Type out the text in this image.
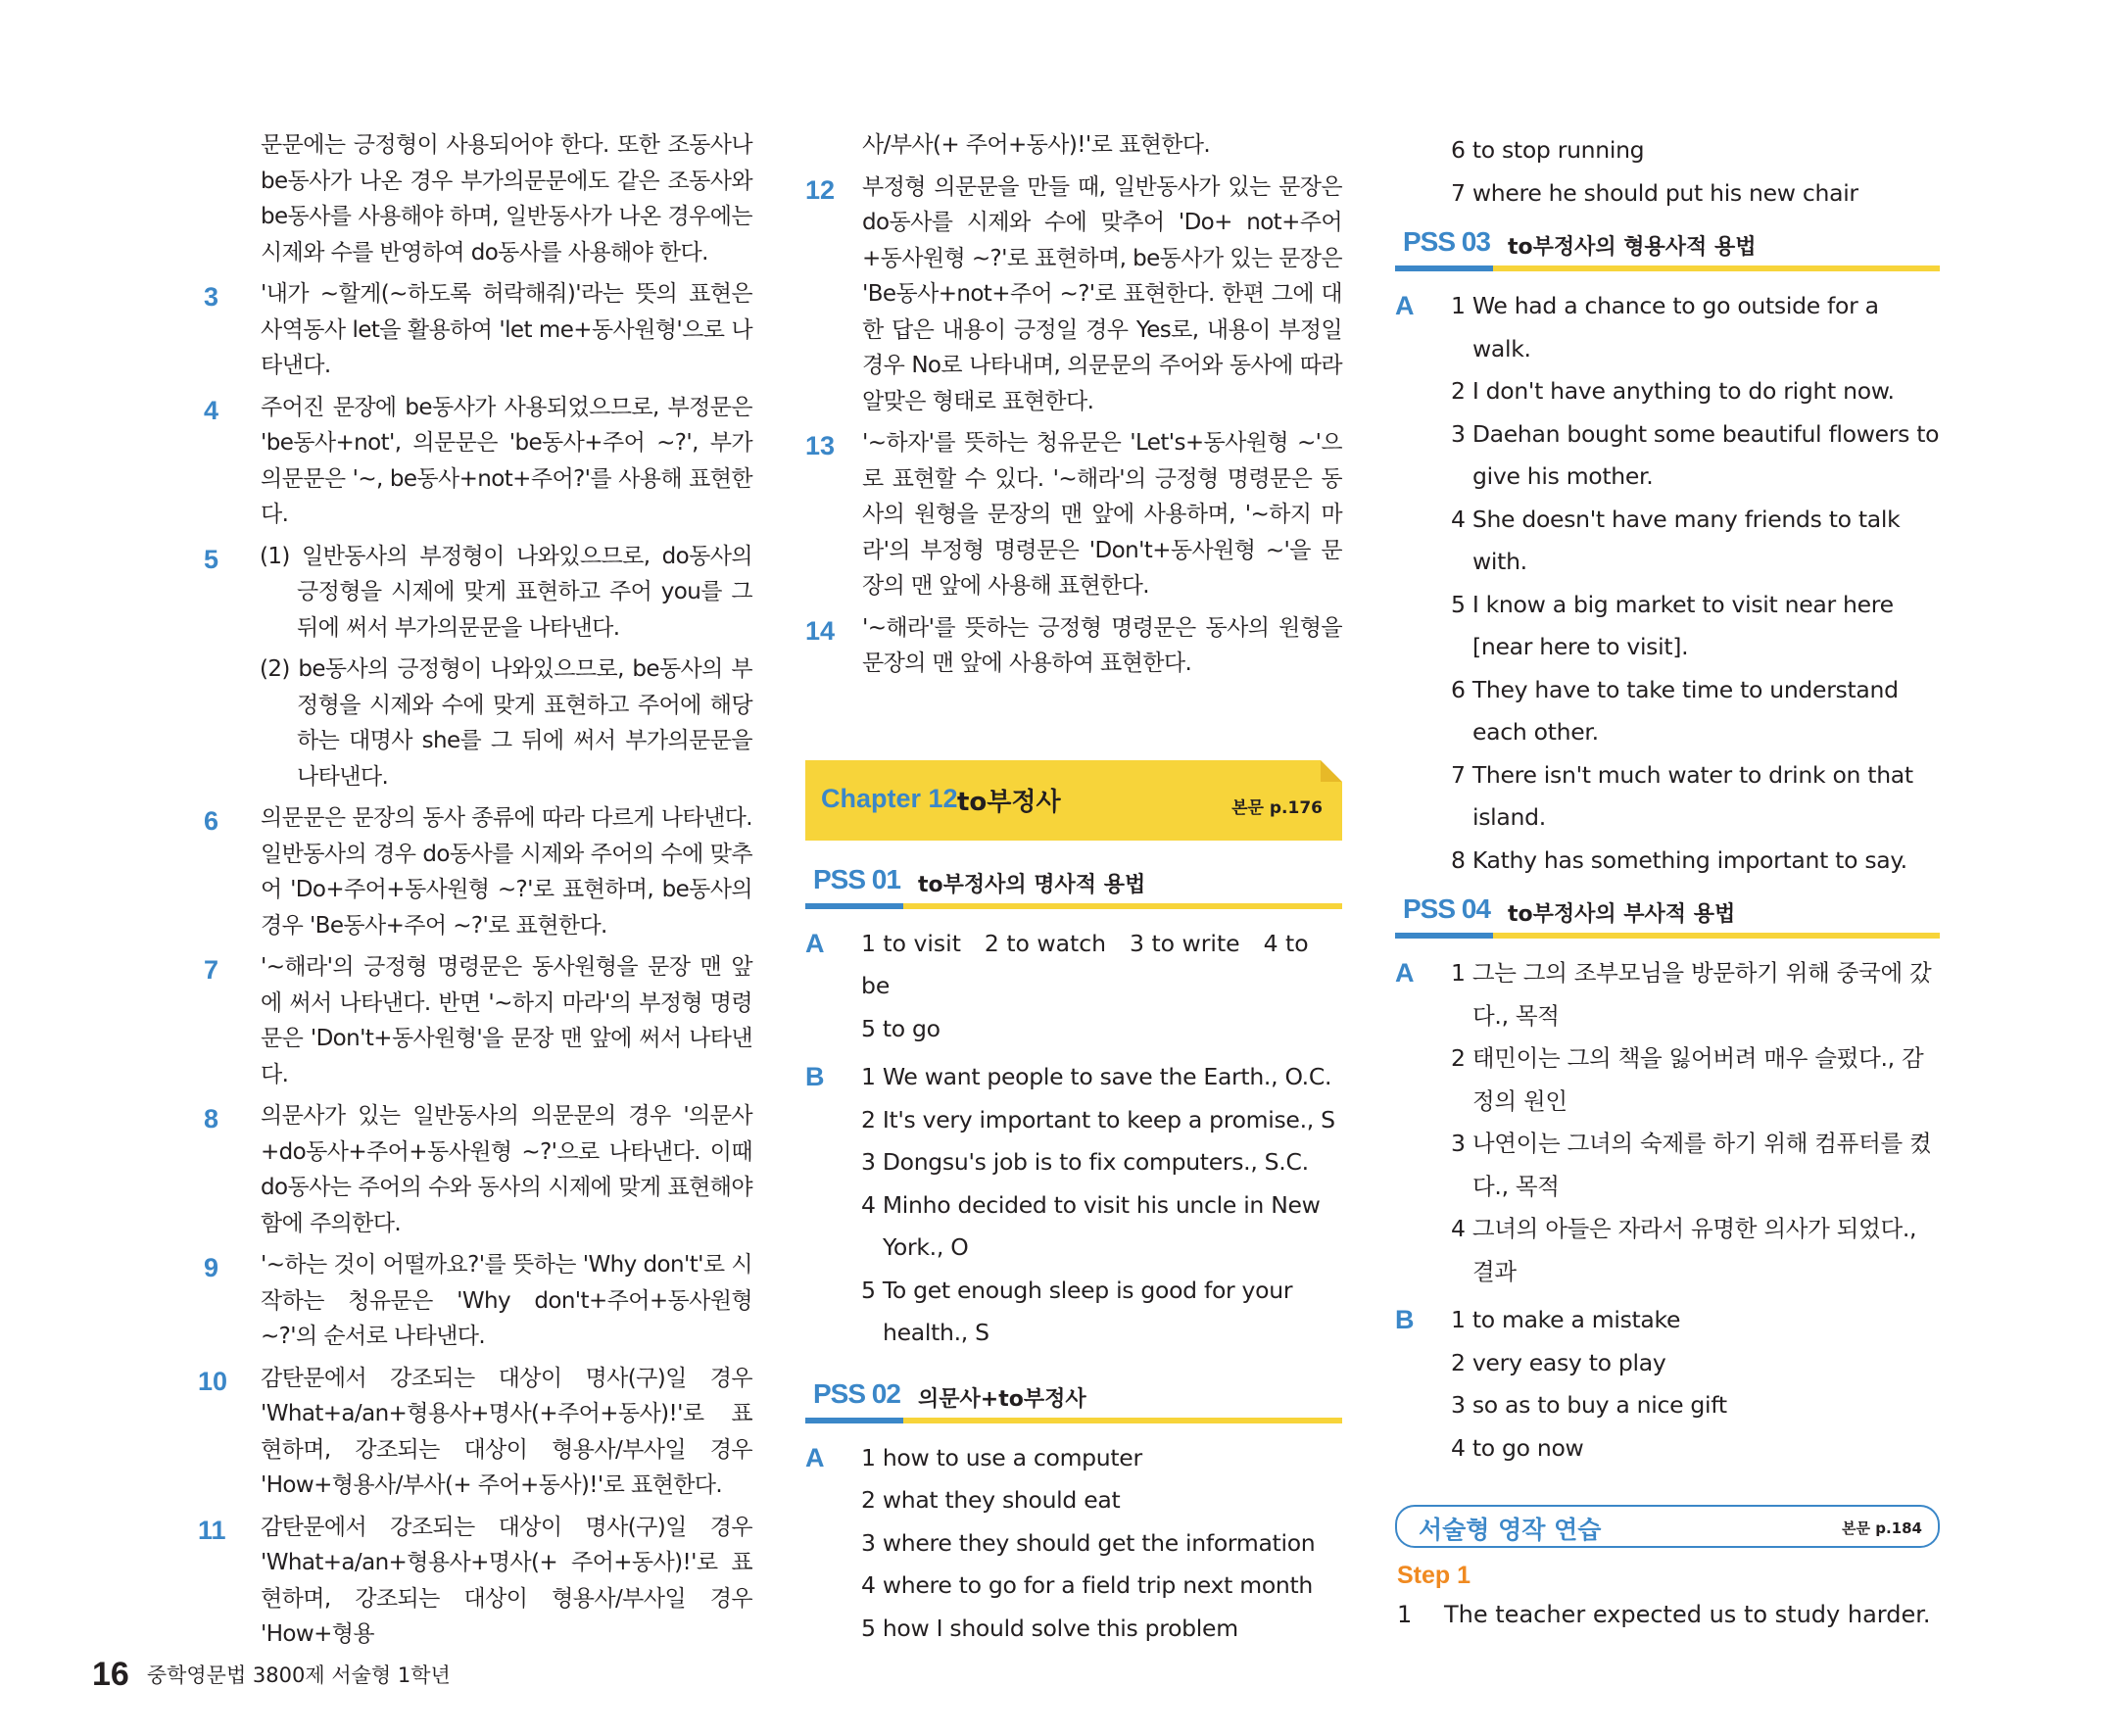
문문에는 긍정형이 사용되어야 한다. 또한 조동사나 be동사가 나온 경우 부가의문문에도 같은 조동사와 be동사를 사용해야 하며, 일반동사가 나온 경우에는 시제와 수를 반영하여 do동사를 사용해야 한다.
3 '내가 ~할게(~하도록 허락해줘)'라는 뜻의 표현은 사역동사 let을 활용하여 'let me+동사원형'으로 나타낸다.
4 주어진 문장에 be동사가 사용되었으므로, 부정문은 'be동사+not', 의문문은 'be동사+주어 ~?', 부가의문문은 '~, be동사+not+주어?'를 사용해 표현한다.
5 (1) 일반동사의 부정형이 나와있으므로, do동사의 긍정형을 시제에 맞게 표현하고 주어 you를 그 뒤에 써서 부가의문문을 나타낸다.
(2) be동사의 긍정형이 나와있으므로, be동사의 부정형을 시제와 수에 맞게 표현하고 주어에 해당하는 대명사 she를 그 뒤에 써서 부가의문문을 나타낸다.
6 의문문은 문장의 동사 종류에 따라 다르게 나타낸다. 일반동사의 경우 do동사를 시제와 주어의 수에 맞추어 'Do+주어+동사원형 ~?'로 표현하며, be동사의 경우 'Be동사+주어 ~?'로 표현한다.
7 '~해라'의 긍정형 명령문은 동사원형을 문장 맨 앞에 써서 나타낸다. 반면 '~하지 마라'의 부정형 명령문은 'Don't+동사원형'을 문장 맨 앞에 써서 나타낸다.
8 의문사가 있는 일반동사의 의문문의 경우 '의문사+do동사+주어+동사원형 ~?'으로 나타낸다. 이때 do동사는 주어의 수와 동사의 시제에 맞게 표현해야 함에 주의한다.
9 '~하는 것이 어떨까요?'를 뜻하는 'Why don't'로 시작하는 청유문은 'Why don't+주어+동사원형 ~?'의 순서로 나타낸다.
10 감탄문에서 강조되는 대상이 명사(구)일 경우 'What+a/an+형용사+명사(+주어+동사)!'로 표현하며, 강조되는 대상이 형용사/부사일 경우 'How+형용사/부사(+ 주어+동사)!'로 표현한다.
11 감탄문에서 강조되는 대상이 명사(구)일 경우 'What+a/an+형용사+명사(+ 주어+동사)!'로 표현하며, 강조되는 대상이 형용사/부사일 경우 'How+형용
사/부사(+ 주어+동사)!'로 표현한다.
12 부정형 의문문을 만들 때, 일반동사가 있는 문장은 do동사를 시제와 수에 맞추어 'Do+ not+주어+동사원형 ~?'로 표현하며, be동사가 있는 문장은 'Be동사+not+주어 ~?'로 표현한다. 한편 그에 대한 답은 내용이 긍정일 경우 Yes로, 내용이 부정일 경우 No로 나타내며, 의문문의 주어와 동사에 따라 알맞은 형태로 표현한다.
13 '~하자'를 뜻하는 청유문은 'Let's+동사원형 ~'으로 표현할 수 있다. '~해라'의 긍정형 명령문은 동사의 원형을 문장의 맨 앞에 사용하며, '~하지 마라'의 부정형 명령문은 'Don't+동사원형 ~'을 문장의 맨 앞에 사용해 표현한다.
14 '~해라'를 뜻하는 긍정형 명령문은 동사의 원형을 문장의 맨 앞에 사용하여 표현한다.
Chapter 12 to부정사	본문 p.176
PSS 01 to부정사의 명사적 용법
A 1 to visit 2 to watch 3 to write 4 to be
5 to go
B 1 We want people to save the Earth., O.C.
2 It's very important to keep a promise., S
3 Dongsu's job is to fix computers., S.C.
4 Minho decided to visit his uncle in New York., O
5 To get enough sleep is good for your health., S
PSS 02 의문사+to부정사
A 1 how to use a computer
2 what they should eat
3 where they should get the information
4 where to go for a field trip next month
5 how I should solve this problem
6 to stop running
7 where he should put his new chair
PSS 03 to부정사의 형용사적 용법
A 1 We had a chance to go outside for a walk.
2 I don't have anything to do right now.
3 Daehan bought some beautiful flowers to give his mother.
4 She doesn't have many friends to talk with.
5 I know a big market to visit near here [near here to visit].
6 They have to take time to understand each other.
7 There isn't much water to drink on that island.
8 Kathy has something important to say.
PSS 04 to부정사의 부사적 용법
A 1 그는 그의 조부모님을 방문하기 위해 중국에 갔다., 목적
2 태민이는 그의 책을 잃어버려 매우 슬펐다., 감정의 원인
3 나연이는 그녀의 숙제를 하기 위해 컴퓨터를 켰다., 목적
4 그녀의 아들은 자라서 유명한 의사가 되었다., 결과
B 1 to make a mistake
2 very easy to play
3 so as to buy a nice gift
4 to go now
서술형 영작 연습	본문 p.184
Step 1
1 The teacher expected us to study harder.
16 중학영문법 3800제 서술형 1학년
